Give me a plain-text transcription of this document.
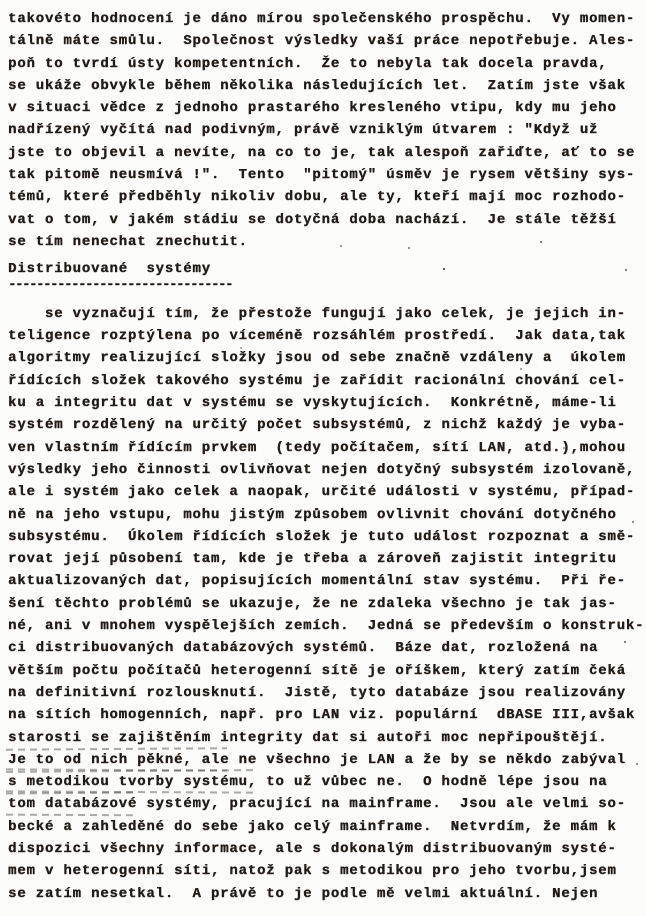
takovéto hodnocení je dáno mírou společenského prospěchu.  Vy momen-
tálně máte smůlu.  Společnost výsledky vaší práce nepotřebuje. Ales-
poň to tvrdí ústy kompetentních.  Že to nebyla tak docela pravda,
se ukáže obvykle během několika následujících let.  Zatím jste však
v situaci vědce z jednoho prastarého kresleného vtipu, kdy mu jeho
nadřízený vyčítá nad podivným, právě vzniklým útvarem : "Když už
jste to objevil a nevíte, na co to je, tak alespoň zařiďte, ať to se
tak pitomě neusmívá !".  Tento  "pitomý" úsměv je rysem většiny sys-
témů, které předběhly nikoliv dobu, ale ty, kteří mají moc rozhodo-
vat o tom, v jakém stádiu se dotyčná doba nachází.  Je stále těžší
se tím nenechat znechutit.
Distribuované  systémy
--------------------------------
se vyznačují tím, že přestože fungují jako celek, je jejich in-
teligence rozptýlena po víceméně rozsáhlém prostředí.  Jak data,tak
algoritmy realizující složky jsou od sebe značně vzdáleny a  úkolem
řídících složek takového systému je zařídit racionální chování cel-
ku a integritu dat v systému se vyskytujících.  Konkrétně, máme-li
systém rozdělený na určitý počet subsystémů, z nichž každý je vyba-
ven vlastním řídícím prvkem  (tedy počítačem, sítí LAN, atd.),mohou
výsledky jeho činnosti ovlivňovat nejen dotyčný subsystém izolovaně,
ale i systém jako celek a naopak, určité události v systému, případ-
ně na jeho vstupu, mohu jistým způsobem ovlivnit chování dotyčného
subsystému.  Úkolem řídících složek je tuto událost rozpoznat a smě-
rovat její působení tam, kde je třeba a zároveň zajistit integritu
aktualizovaných dat, popisujících momentální stav systému.  Při ře-
šení těchto problémů se ukazuje, že ne zdaleka všechno je tak jas-
né, ani v mnohem vyspělejších zemích.  Jedná se především o konstruk-
ci distribuovaných databázových systémů.  Báze dat, rozložená na
větším počtu počítačů heterogenní sítě je oříškem, který zatím čeká
na definitivní rozlousknutí.  Jistě, tyto databáze jsou realizovány
na sítích homogenních, např. pro LAN viz. populární  dBASE III,avšak
starosti se zajištěním integrity dat si autoři moc nepřipouštějí.
Je to od nich pěkné, ale ne všechno je LAN a že by se někdo zabýval
s metodikou tvorby systému, to už vůbec ne.  O hodně lépe jsou na
tom databázové systémy, pracující na mainframe.  Jsou ale velmi so-
becké a zahleděné do sebe jako celý mainframe.  Netvrdím, že mám k
dispozici všechny informace, ale s dokonalým distribuovaným systé-
mem v heterogenní síti, natož pak s metodikou pro jeho tvorbu,jsem
se zatím nesetkal.  A právě to je podle mě velmi aktuální. Nejen
